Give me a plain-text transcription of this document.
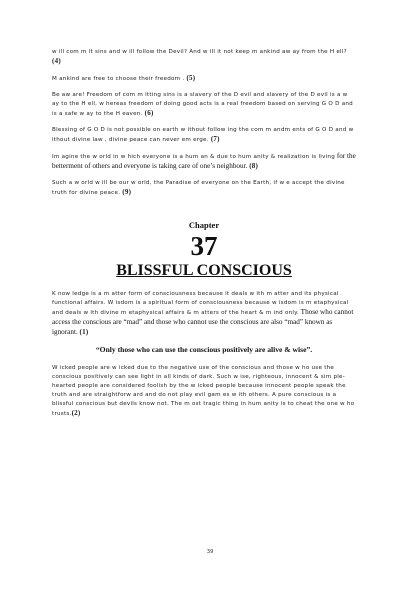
w ill com m it sins and w ill follow the Devil? And w ill it not keep m ankind aw ay from the H ell? (4)

M ankind are free to choose their freedom . (5)

Be aw are! Freedom of com m itting sins is a slavery of the D evil and slavery of the D evil is a w ay to the H ell, w hereas freedom of doing good acts is a real freedom based on serving G O D and is a safe w ay to the H eaven. (6)

Blessing of G O D is not possible on earth w ithout follow ing the com m andm ents of G O D and w ithout divine law , divine peace can never em erge. (7)

Im agine the w orld in w hich everyone is a hum an & due to hum anity & realization is living for the betterment of others and everyone is taking care of one’s neighbour. (8)

Such a w orld w ill be our w orld, the Paradise of everyone on the Earth, if w e accept the divine truth for divine peace. (9)

Chapter
37
BLISSFUL CONSCIOUS

K now ledge is a m atter form of consciousness because it deals w ith m atter and its physical functional affairs. W isdom is a spiritual form of consciousness because w isdom is m etaphysical and deals w ith divine m etaphysical affairs & m atters of the heart & m ind only. Those who cannot access the conscious are “mad” and those who cannot use the conscious are also “mad” known as ignorant. (1)

“Only those who can use the conscious positively are alive & wise”.

W icked people are w icked due to the negative use of the conscious and those w ho use the conscious positively can see light in all kinds of dark. Such w ise, righteous, innocent & sim ple-hearted people are considered foolish by the w icked people because innocent people speak the truth and are straightforw ard and do not play evil gam es w ith others. A pure conscious is a blissful conscious but devils know not. The m ost tragic thing in hum anity is to cheat the one w ho trusts.(2)

39
